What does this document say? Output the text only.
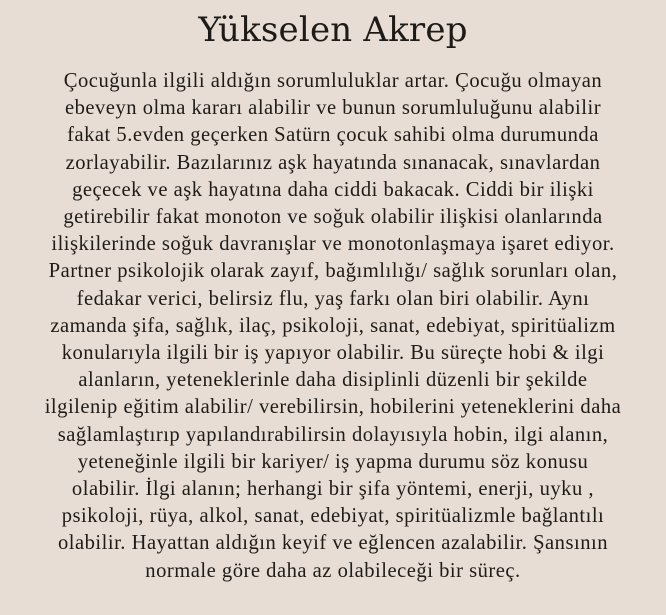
Yükselen Akrep
Çocuğunla ilgili aldığın sorumluluklar artar. Çocuğu olmayan
ebeveyn olma kararı alabilir ve bunun sorumluluğunu alabilir
fakat 5.evden geçerken Satürn çocuk sahibi olma durumunda
zorlayabilir. Bazılarınız aşk hayatında sınanacak, sınavlardan
geçecek ve aşk hayatına daha ciddi bakacak. Ciddi bir ilişki
getirebilir fakat monoton ve soğuk olabilir ilişkisi olanlarında
ilişkilerinde soğuk davranışlar ve monotonlaşmaya işaret ediyor.
Partner psikolojik olarak zayıf, bağımlılığı/ sağlık sorunları olan,
fedakar verici, belirsiz flu, yaş farkı olan biri olabilir. Aynı
zamanda şifa, sağlık, ilaç, psikoloji, sanat, edebiyat, spiritüalizm
konularıyla ilgili bir iş yapıyor olabilir. Bu süreçte hobi & ilgi
alanların, yeteneklerinle daha disiplinli düzenli bir şekilde
ilgilenip eğitim alabilir/ verebilirsin, hobilerini yeteneklerini daha
sağlamlaştırıp yapılandırabilirsin dolayısıyla hobin, ilgi alanın,
yeteneğinle ilgili bir kariyer/ iş yapma durumu söz konusu
olabilir. İlgi alanın; herhangi bir şifa yöntemi, enerji, uyku ,
psikoloji, rüya, alkol, sanat, edebiyat, spiritüalizmle bağlantılı
olabilir. Hayattan aldığın keyif ve eğlencen azalabilir. Şansının
normale göre daha az olabileceği bir süreç.
